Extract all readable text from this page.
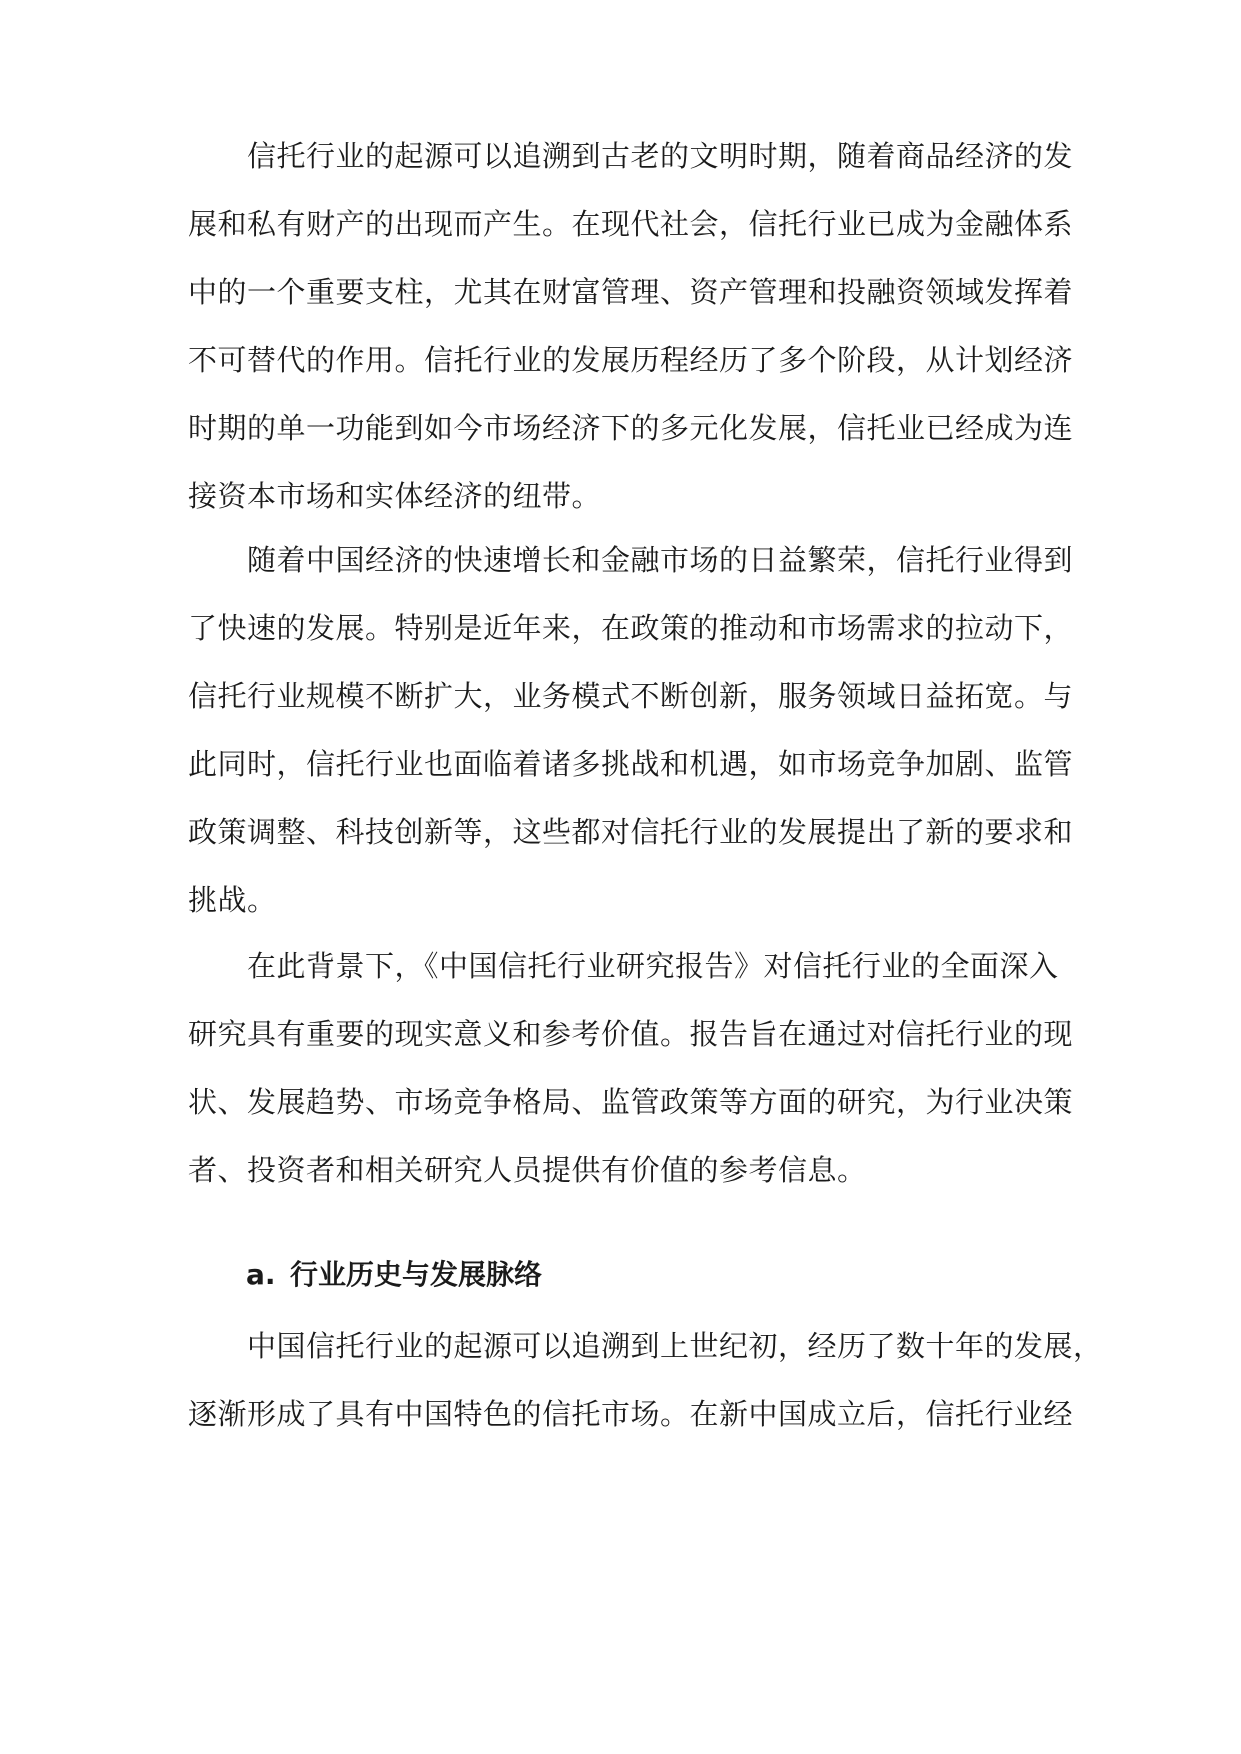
信托行业的起源可以追溯到古老的文明时期，随着商品经济的发
展和私有财产的出现而产生。在现代社会，信托行业已成为金融体系
中的一个重要支柱，尤其在财富管理、资产管理和投融资领域发挥着
不可替代的作用。信托行业的发展历程经历了多个阶段，从计划经济
时期的单一功能到如今市场经济下的多元化发展，信托业已经成为连
接资本市场和实体经济的纽带。
随着中国经济的快速增长和金融市场的日益繁荣，信托行业得到
了快速的发展。特别是近年来，在政策的推动和市场需求的拉动下，
信托行业规模不断扩大，业务模式不断创新，服务领域日益拓宽。与
此同时，信托行业也面临着诸多挑战和机遇，如市场竞争加剧、监管
政策调整、科技创新等，这些都对信托行业的发展提出了新的要求和
挑战。
在此背景下，《中国信托行业研究报告》对信托行业的全面深入
研究具有重要的现实意义和参考价值。报告旨在通过对信托行业的现
状、发展趋势、市场竞争格局、监管政策等方面的研究，为行业决策
者、投资者和相关研究人员提供有价值的参考信息。
a. 行业历史与发展脉络
中国信托行业的起源可以追溯到上世纪初，经历了数十年的发展，
逐渐形成了具有中国特色的信托市场。在新中国成立后，信托行业经
